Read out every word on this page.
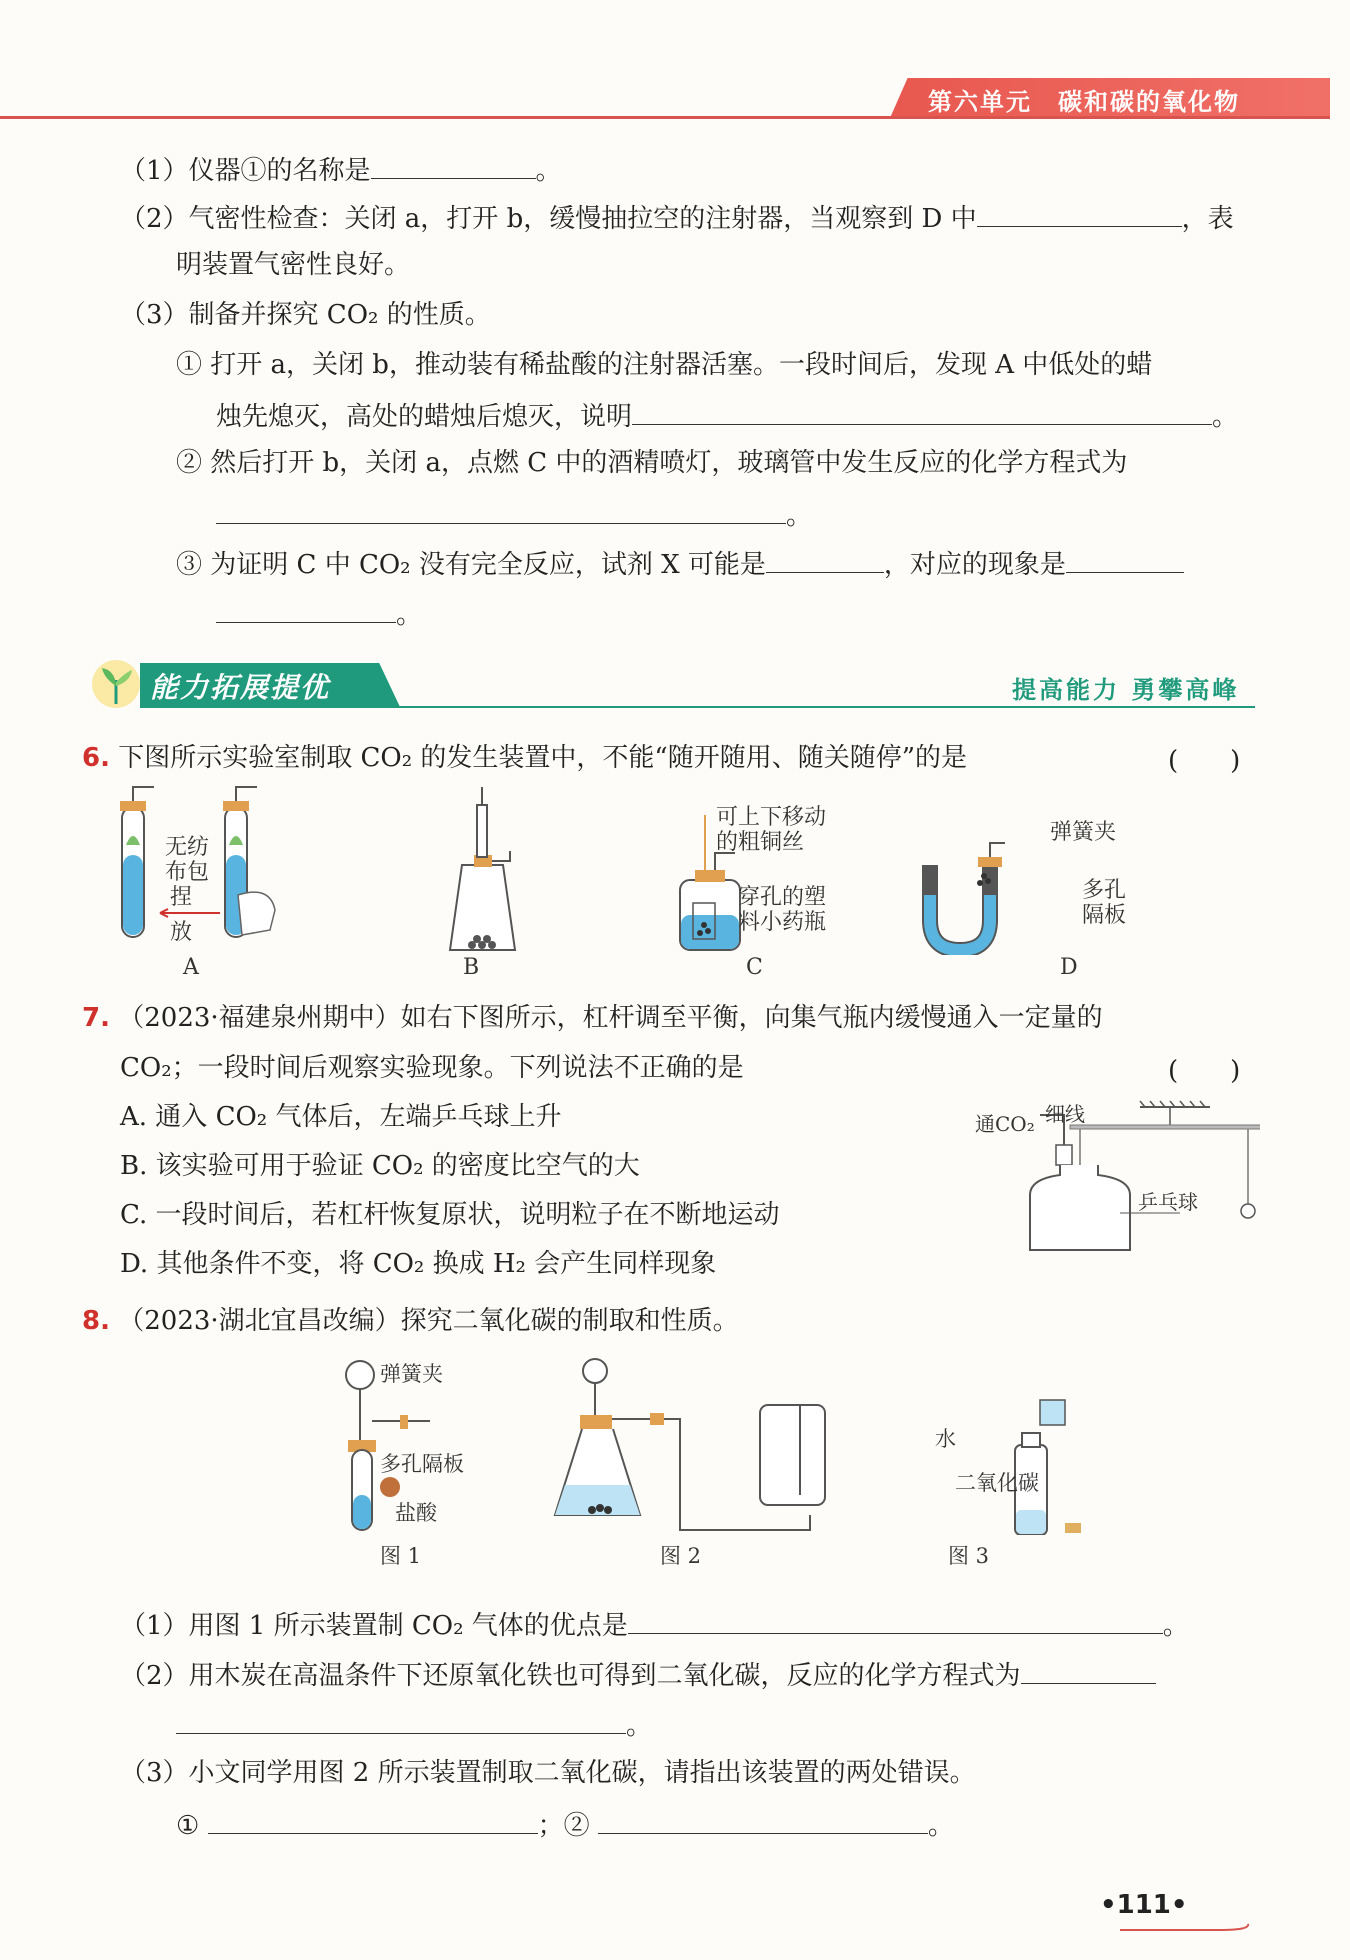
第六单元　碳和碳的氧化物
（1）仪器①的名称是	。
（2）气密性检查：关闭 a，打开 b，缓慢抽拉空的注射器，当观察到 D 中	，表
明装置气密性良好。
（3）制备并探究 CO₂ 的性质。
① 打开 a，关闭 b，推动装有稀盐酸的注射器活塞。一段时间后，发现 A 中低处的蜡
烛先熄灭，高处的蜡烛后熄灭，说明	。
② 然后打开 b，关闭 a，点燃 C 中的酒精喷灯，玻璃管中发生反应的化学方程式为
。
③ 为证明 C 中 CO₂ 没有完全反应，试剂 X 可能是	，对应的现象是
。
能力拓展提优	提高能力 勇攀高峰
6. 下图所示实验室制取 CO₂ 的发生装置中，不能“随开随用、随关随停”的是	(　　)
无纺
布包
捏
放
可上下移动
的粗铜丝
穿孔的塑
料小药瓶
弹簧夹
多孔
隔板
A	B	C	D
7. （2023·福建泉州期中）如右下图所示，杠杆调至平衡，向集气瓶内缓慢通入一定量的
CO₂；一段时间后观察实验现象。下列说法不正确的是	(　　)
A. 通入 CO₂ 气体后，左端乒乓球上升
B. 该实验可用于验证 CO₂ 的密度比空气的大
C. 一段时间后，若杠杆恢复原状，说明粒子在不断地运动
D. 其他条件不变，将 CO₂ 换成 H₂ 会产生同样现象
通CO₂ 细线
乒乓球
8. （2023·湖北宜昌改编）探究二氧化碳的制取和性质。
弹簧夹
多孔隔板
盐酸
图 1	图 2
水
二氧化碳
图 3
（1）用图 1 所示装置制 CO₂ 气体的优点是	。
（2）用木炭在高温条件下还原氧化铁也可得到二氧化碳，反应的化学方程式为
。
（3）小文同学用图 2 所示装置制取二氧化碳，请指出该装置的两处错误。
①	；②	。
•111•
